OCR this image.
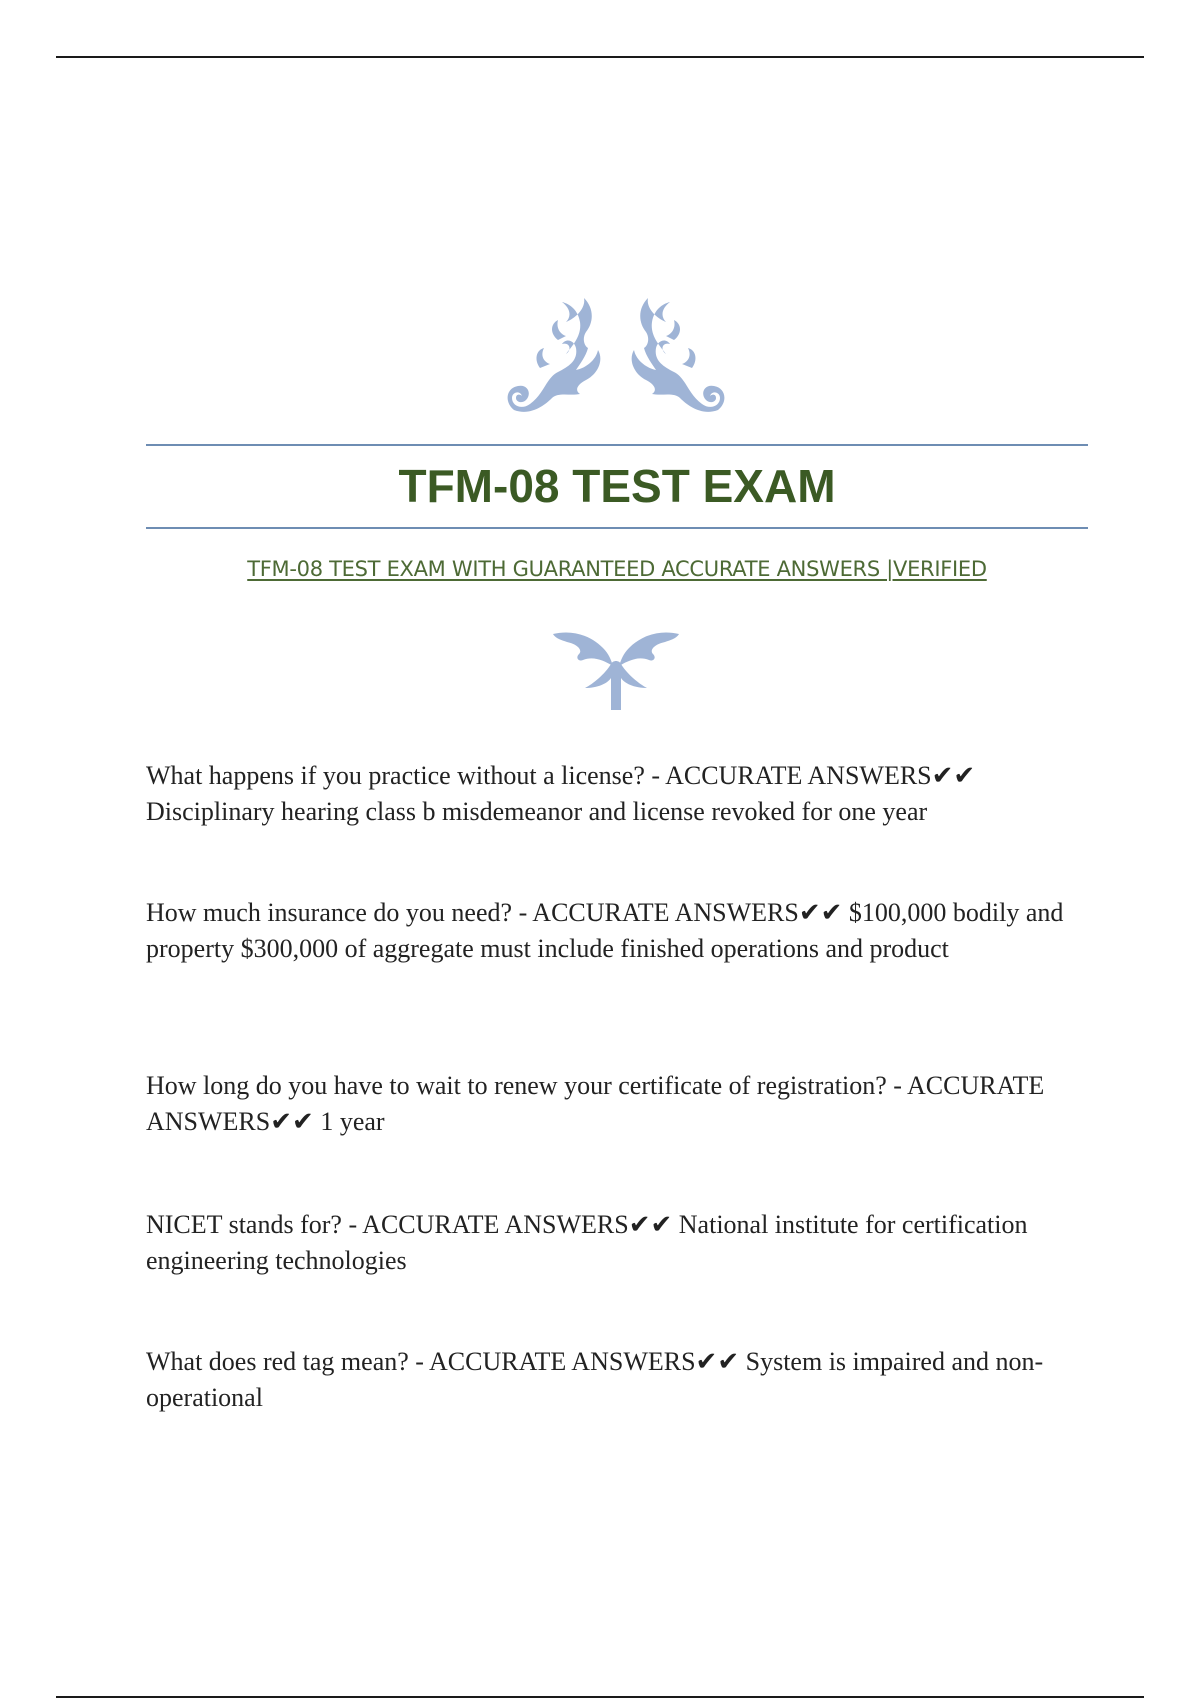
TFM-08 TEST EXAM
TFM-08 TEST EXAM WITH GUARANTEED ACCURATE ANSWERS |VERIFIED

What happens if you practice without a license? - ACCURATE ANSWERS✔✔
Disciplinary hearing class b misdemeanor and license revoked for one year

How much insurance do you need? - ACCURATE ANSWERS✔✔ $100,000 bodily and property $300,000 of aggregate must include finished operations and product

How long do you have to wait to renew your certificate of registration? - ACCURATE ANSWERS✔✔ 1 year

NICET stands for? - ACCURATE ANSWERS✔✔ National institute for certification engineering technologies

What does red tag mean? - ACCURATE ANSWERS✔✔ System is impaired and non-operational
